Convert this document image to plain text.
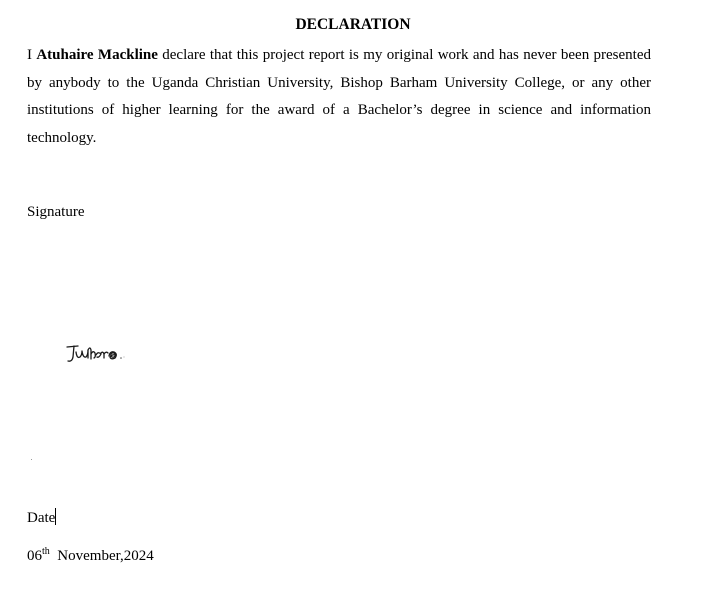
DECLARATION

I Atuhaire Mackline declare that this project report is my original work and has never been presented by anybody to the Uganda Christian University, Bishop Barham University College, or any other institutions of higher learning for the award of a Bachelor’s degree in science and information technology.

Signature

Date

06th  November,2024
